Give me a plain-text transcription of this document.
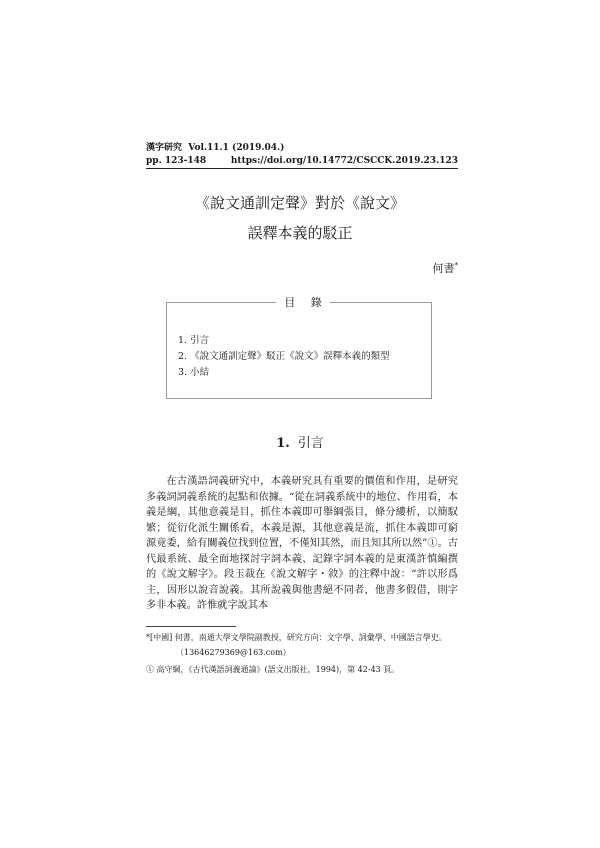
漢字研究 Vol.11.1 (2019.04.)
pp. 123-148	https://doi.org/10.14772/CSCCK.2019.23.123
《說文通訓定聲》對於《說文》
誤釋本義的駁正
何書*
目 錄
1. 引言
2. 《說文通訓定聲》駁正《說文》誤釋本義的類型
3. 小結
1. 引言

在古漢語詞義研究中，本義研究具有重要的價值和作用，是研究多義詞詞義系統的起點和依據。“從在詞義系統中的地位、作用看，本義是綱，其他意義是目，抓住本義即可舉綱張目，條分縷析，以簡馭繁；從衍化派生關係看，本義是源，其他意義是流，抓住本義即可窮源竟委，給有關義位找到位置，不僅知其然，而且知其所以然”①。古代最系統、最全面地探討字詞本義、記錄字詞本義的是東漢許慎編撰的《說文解字》。段玉裁在《說文解字・敘》的注釋中說：“許以形爲主，因形以說音說義。其所說義與他書絕不同者，他書多假借，則字多非本義。許惟就字說其本

*[中國] 何書，南通大學文學院副教授，研究方向：文字學、詞彙學、中國語言學史。
（13646279369@163.com）
① 高守綱，《古代漢語詞義通論》(語文出版社，1994)，第 42-43 頁。
